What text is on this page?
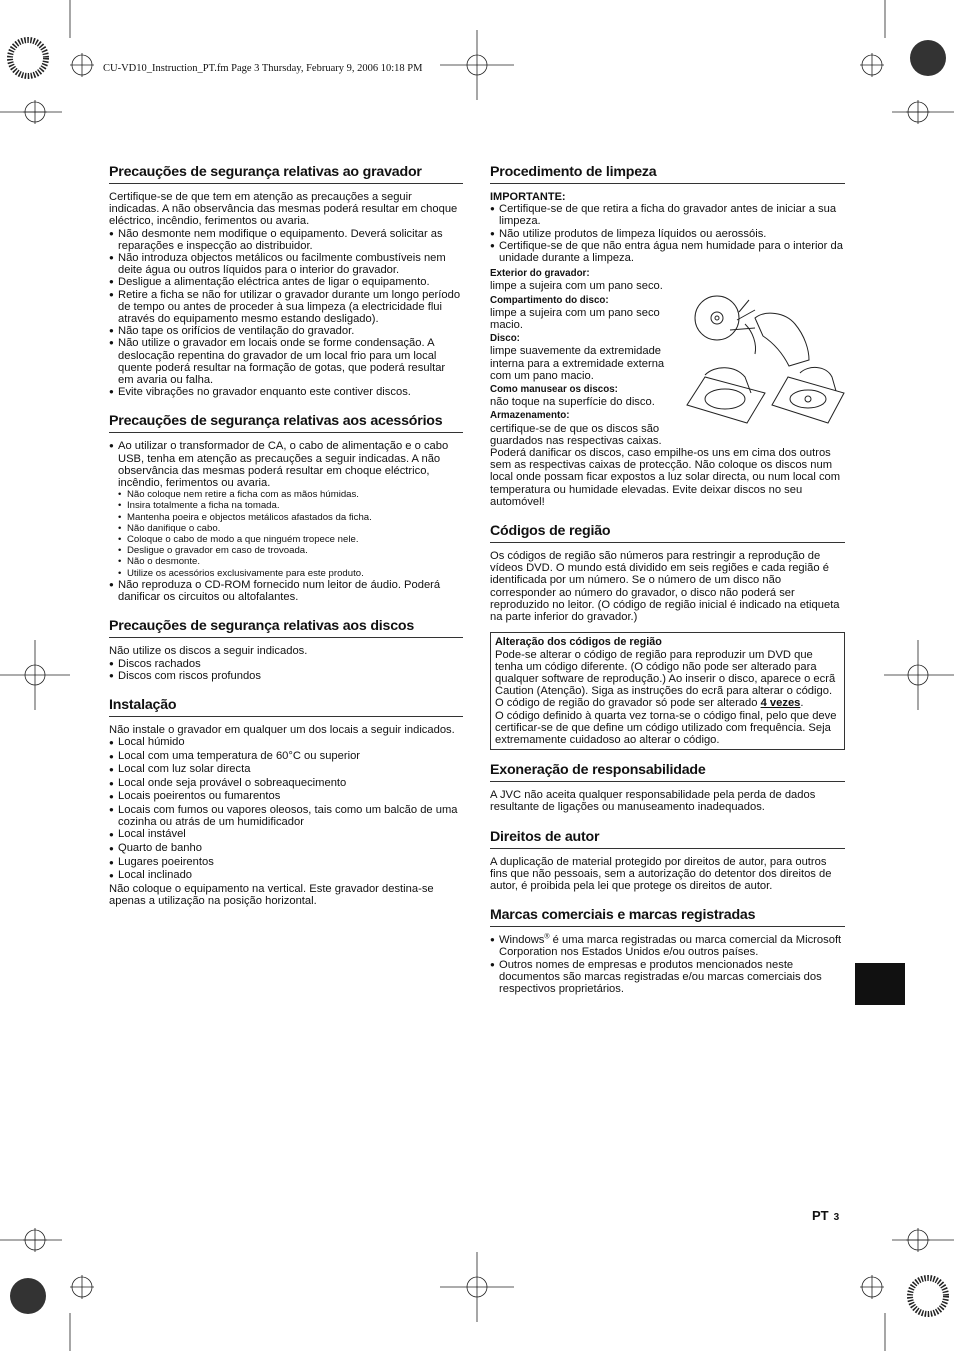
CU-VD10_Instruction_PT.fm Page 3 Thursday, February 9, 2006 10:18 PM
Precauções de segurança relativas ao gravador

Certifique-se de que tem em atenção as precauções a seguir indicadas. A não observância das mesmas poderá resultar em choque eléctrico, incêndio, ferimentos ou avaria.

● Não desmonte nem modifique o equipamento. Deverá solicitar as reparações e inspecção ao distribuidor.
● Não introduza objectos metálicos ou facilmente combustíveis nem deite água ou outros líquidos para o interior do gravador.
● Desligue a alimentação eléctrica antes de ligar o equipamento.
● Retire a ficha se não for utilizar o gravador durante um longo período de tempo ou antes de proceder à sua limpeza (a electricidade flui através do equipamento mesmo estando desligado).
● Não tape os orifícios de ventilação do gravador.
● Não utilize o gravador em locais onde se forme condensação. A deslocação repentina do gravador de um local frio para um local quente poderá resultar na formação de gotas, que poderá resultar em avaria ou falha.
● Evite vibrações no gravador enquanto este contiver discos.
Precauções de segurança relativas aos acessórios
● Ao utilizar o transformador de CA, o cabo de alimentação e o cabo USB, tenha em atenção as precauções a seguir indicadas. A não observância das mesmas poderá resultar em choque eléctrico, incêndio, ferimentos ou avaria.
• Não coloque nem retire a ficha com as mãos húmidas.
• Insira totalmente a ficha na tomada.
• Mantenha poeira e objectos metálicos afastados da ficha.
• Não danifique o cabo.
• Coloque o cabo de modo a que ninguém tropece nele.
• Desligue o gravador em caso de trovoada.
• Não o desmonte.
• Utilize os acessórios exclusivamente para este produto.
● Não reproduza o CD-ROM fornecido num leitor de áudio. Poderá danificar os circuitos ou altofalantes.
Precauções de segurança relativas aos discos

Não utilize os discos a seguir indicados.

● Discos rachados
● Discos com riscos profundos
Instalação

Não instale o gravador em qualquer um dos locais a seguir indicados.

● Local húmido
● Local com uma temperatura de 60°C ou superior
● Local com luz solar directa
● Local onde seja provável o sobreaquecimento
● Locais poeirentos ou fumarentos
● Locais com fumos ou vapores oleosos, tais como um balcão de uma cozinha ou atrás de um humidificador
● Local instável
● Quarto de banho
● Lugares poeirentos
● Local inclinado

Não coloque o equipamento na vertical. Este gravador destina-se apenas a utilização na posição horizontal.

Procedimento de limpeza
IMPORTANTE:
● Certifique-se de que retira a ficha do gravador antes de iniciar a sua limpeza.
● Não utilize produtos de limpeza líquidos ou aerossóis.
● Certifique-se de que não entra água nem humidade para o interior da unidade durante a limpeza.
Exterior do gravador:

limpe a sujeira com um pano seco.

Compartimento do disco:

limpe a sujeira com um pano seco macio.

Disco:

limpe suavemente da extremidade interna para a extremidade externa com um pano macio.

Como manusear os discos:

não toque na superfície do disco.

Armazenamento:

certifique-se de que os discos são guardados nas respectivas caixas.

Poderá danificar os discos, caso empilhe-os uns em cima dos outros sem as respectivas caixas de protecção. Não coloque os discos num local onde possam ficar expostos a luz solar directa, ou num local com temperatura ou humidade elevadas. Evite deixar discos no seu automóvel!

Códigos de região

Os códigos de região são números para restringir a reprodução de vídeos DVD. O mundo está dividido em seis regiões e cada região é identificada por um número. Se o número de um disco não corresponder ao número do gravador, o disco não poderá ser reproduzido no leitor. (O código de região inicial é indicado na etiqueta na parte inferior do gravador.)

Alteração dos códigos de região

Pode-se alterar o código de região para reproduzir um DVD que tenha um código diferente. (O código não pode ser alterado para qualquer software de reprodução.) Ao inserir o disco, aparece o ecrã Caution (Atenção). Siga as instruções do ecrã para alterar o código.

O código de região do gravador só pode ser alterado 4 vezes.

O código definido à quarta vez torna-se o código final, pelo que deve certificar-se de que define um código utilizado com frequência. Seja extremamente cuidadoso ao alterar o código.

Exoneração de responsabilidade

A JVC não aceita qualquer responsabilidade pela perda de dados resultante de ligações ou manuseamento inadequados.

Direitos de autor

A duplicação de material protegido por direitos de autor, para outros fins que não pessoais, sem a autorização do detentor dos direitos de autor, é proibida pela lei que protege os direitos de autor.

Marcas comerciais e marcas registradas
● Windows® é uma marca registradas ou marca comercial da Microsoft Corporation nos Estados Unidos e/ou outros países.
● Outros nomes de empresas e produtos mencionados neste documentos são marcas registradas e/ou marcas comerciais dos respectivos proprietários.
PT 3
